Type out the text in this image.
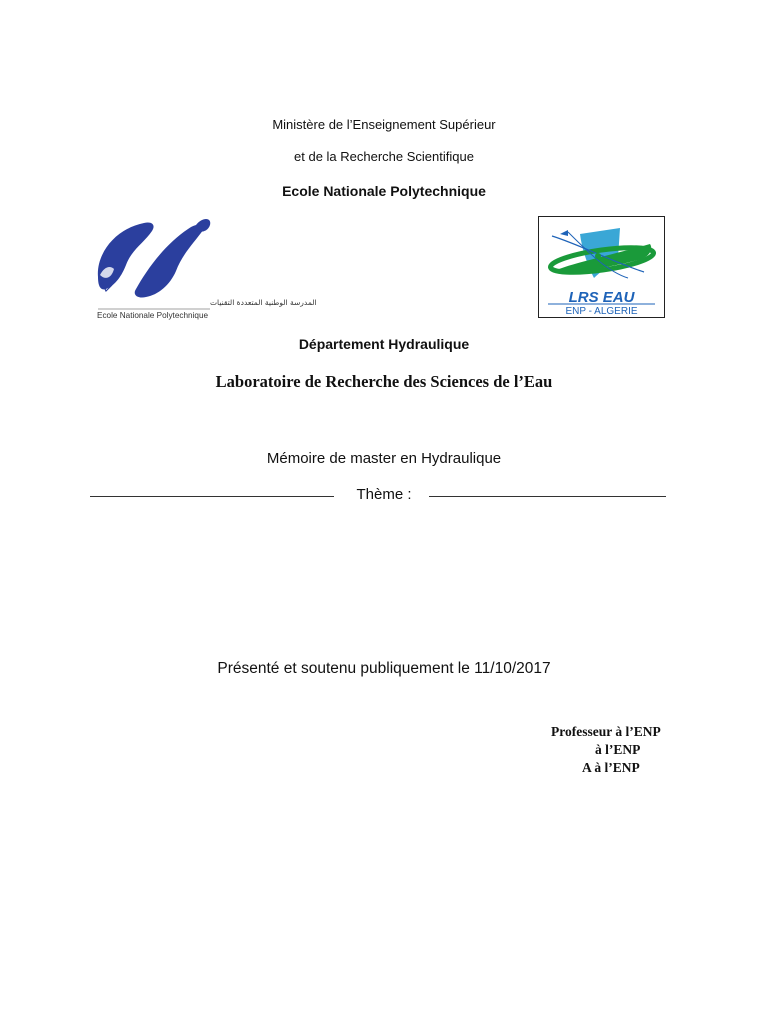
Ministère de l’Enseignement Supérieur
et de la Recherche Scientifique
Ecole Nationale Polytechnique
المدرسة الوطنية المتعددة التقنيات
Ecole Nationale Polytechnique
LRS EAU
ENP - ALGERIE
Département Hydraulique
Laboratoire de Recherche des Sciences de l’Eau
Mémoire de master en Hydraulique
Thème :
Présenté et soutenu publiquement le 11/10/2017
Professeur à l’ENP
à l’ENP
A à l’ENP
